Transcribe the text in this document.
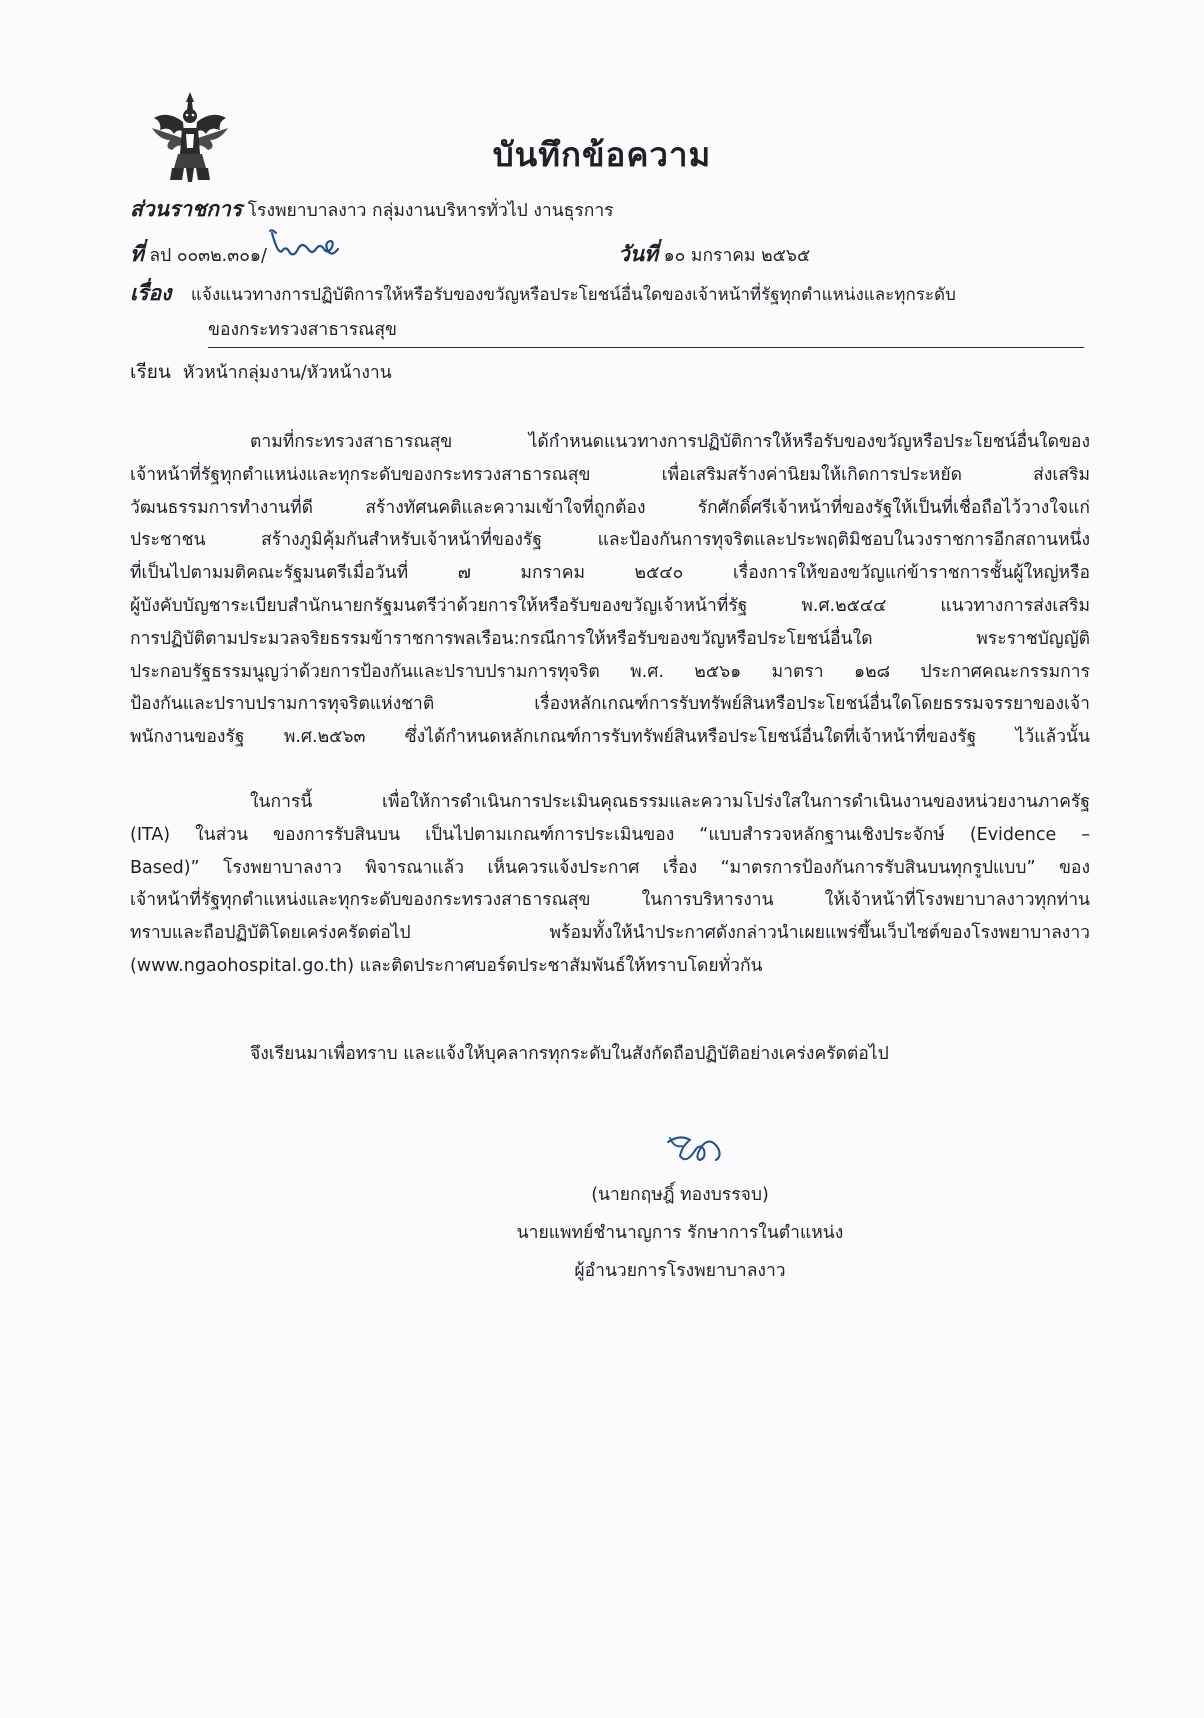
บันทึกข้อความ
ส่วนราชการ โรงพยาบาลงาว กลุ่มงานบริหารทั่วไป งานธุรการ
ที่ ลป ๐๐๓๒.๓๐๑/	วันที่ ๑๐ มกราคม ๒๕๖๕
เรื่อง แจ้งแนวทางการปฏิบัติการให้หรือรับของขวัญหรือประโยชน์อื่นใดของเจ้าหน้าที่รัฐทุกตำแหน่งและทุกระดับ
ของกระทรวงสาธารณสุข
เรียน หัวหน้ากลุ่มงาน/หัวหน้างาน
ตามที่กระทรวงสาธารณสุข ได้กำหนดแนวทางการปฏิบัติการให้หรือรับของขวัญหรือประโยชน์อื่นใดของ
เจ้าหน้าที่รัฐทุกตำแหน่งและทุกระดับของกระทรวงสาธารณสุข เพื่อเสริมสร้างค่านิยมให้เกิดการประหยัด ส่งเสริม
วัฒนธรรมการทำงานที่ดี สร้างทัศนคติและความเข้าใจที่ถูกต้อง รักศักดิ์ศรีเจ้าหน้าที่ของรัฐให้เป็นที่เชื่อถือไว้วางใจแก่
ประชาชน สร้างภูมิคุ้มกันสำหรับเจ้าหน้าที่ของรัฐ และป้องกันการทุจริตและประพฤติมิชอบในวงราชการอีกสถานหนึ่ง
ที่เป็นไปตามมติคณะรัฐมนตรีเมื่อวันที่ ๗ มกราคม ๒๕๔๐ เรื่องการให้ของขวัญแก่ข้าราชการชั้นผู้ใหญ่หรือ
ผู้บังคับบัญชาระเบียบสำนักนายกรัฐมนตรีว่าด้วยการให้หรือรับของขวัญเจ้าหน้าที่รัฐ พ.ศ.๒๕๔๔ แนวทางการส่งเสริม
การปฏิบัติตามประมวลจริยธรรมข้าราชการพลเรือน:กรณีการให้หรือรับของขวัญหรือประโยชน์อื่นใด พระราชบัญญัติ
ประกอบรัฐธรรมนูญว่าด้วยการป้องกันและปราบปรามการทุจริต พ.ศ. ๒๕๖๑ มาตรา ๑๒๘ ประกาศคณะกรรมการ
ป้องกันและปราบปรามการทุจริตแห่งชาติ เรื่องหลักเกณฑ์การรับทรัพย์สินหรือประโยชน์อื่นใดโดยธรรมจรรยาของเจ้า
พนักงานของรัฐ พ.ศ.๒๕๖๓ ซึ่งได้กำหนดหลักเกณฑ์การรับทรัพย์สินหรือประโยชน์อื่นใดที่เจ้าหน้าที่ของรัฐ ไว้แล้วนั้น
ในการนี้ เพื่อให้การดำเนินการประเมินคุณธรรมและความโปร่งใสในการดำเนินงานของหน่วยงานภาครัฐ
(ITA) ในส่วน ของการรับสินบน เป็นไปตามเกณฑ์การประเมินของ “แบบสำรวจหลักฐานเชิงประจักษ์ (Evidence –
Based)” โรงพยาบาลงาว พิจารณาแล้ว เห็นควรแจ้งประกาศ เรื่อง “มาตรการป้องกันการรับสินบนทุกรูปแบบ” ของ
เจ้าหน้าที่รัฐทุกตำแหน่งและทุกระดับของกระทรวงสาธารณสุข ในการบริหารงาน ให้เจ้าหน้าที่โรงพยาบาลงาวทุกท่าน
ทราบและถือปฏิบัติโดยเคร่งครัดต่อไป พร้อมทั้งให้นำประกาศดังกล่าวนำเผยแพร่ขึ้นเว็บไซต์ของโรงพยาบาลงาว
(www.ngaohospital.go.th) และติดประกาศบอร์ดประชาสัมพันธ์ให้ทราบโดยทั่วกัน
จึงเรียนมาเพื่อทราบ และแจ้งให้บุคลากรทุกระดับในสังกัดถือปฏิบัติอย่างเคร่งครัดต่อไป
(นายกฤษฎิ์ ทองบรรจบ)
นายแพทย์ชำนาญการ รักษาการในตำแหน่ง
ผู้อำนวยการโรงพยาบาลงาว
